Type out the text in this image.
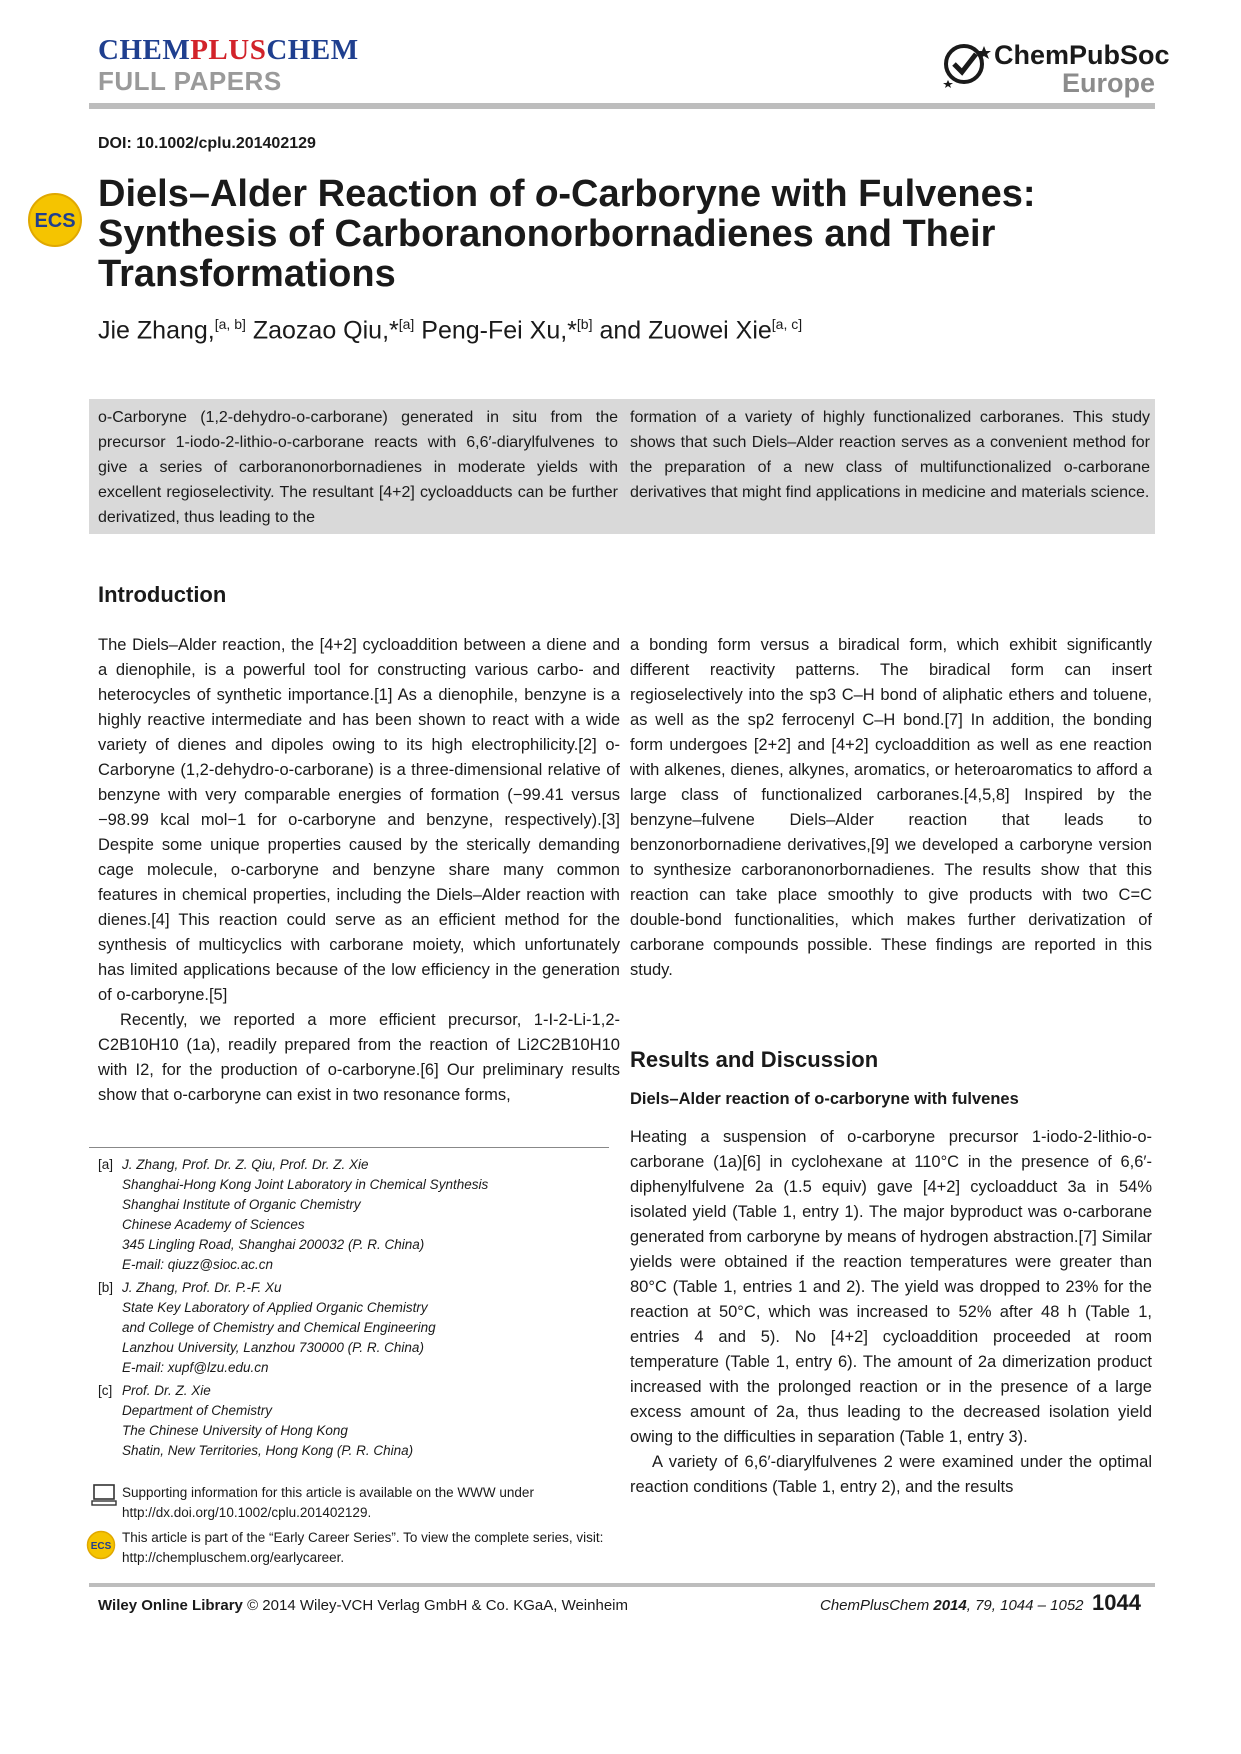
CHEMPLUSCHEM
FULL PAPERS
ChemPubSoc
Europe
DOI: 10.1002/cplu.201402129
ECS
Diels–Alder Reaction of o-Carboryne with Fulvenes: Synthesis of Carboranonorbornadienes and Their Transformations
Jie Zhang,[a, b] Zaozao Qiu,*[a] Peng-Fei Xu,*[b] and Zuowei Xie[a, c]
o-Carboryne (1,2-dehydro-o-carborane) generated in situ from the precursor 1-iodo-2-lithio-o-carborane reacts with 6,6′-diarylfulvenes to give a series of carboranonorbornadienes in moderate yields with excellent regioselectivity. The resultant [4+2] cycloadducts can be further derivatized, thus leading to the
formation of a variety of highly functionalized carboranes. This study shows that such Diels–Alder reaction serves as a convenient method for the preparation of a new class of multifunctionalized o-carborane derivatives that might find applications in medicine and materials science.
Introduction

The Diels–Alder reaction, the [4+2] cycloaddition between a diene and a dienophile, is a powerful tool for constructing various carbo- and heterocycles of synthetic importance.[1] As a dienophile, benzyne is a highly reactive intermediate and has been shown to react with a wide variety of dienes and dipoles owing to its high electrophilicity.[2] o-Carboryne (1,2-dehydro-o-carborane) is a three-dimensional relative of benzyne with very comparable energies of formation (−99.41 versus −98.99 kcal mol−1 for o-carboryne and benzyne, respectively).[3] Despite some unique properties caused by the sterically demanding cage molecule, o-carboryne and benzyne share many common features in chemical properties, including the Diels–Alder reaction with dienes.[4] This reaction could serve as an efficient method for the synthesis of multicyclics with carborane moiety, which unfortunately has limited applications because of the low efficiency in the generation of o-carboryne.[5]

Recently, we reported a more efficient precursor, 1-I-2-Li-1,2-C2B10H10 (1a), readily prepared from the reaction of Li2C2B10H10 with I2, for the production of o-carboryne.[6] Our preliminary results show that o-carboryne can exist in two resonance forms,

[a] J. Zhang, Prof. Dr. Z. Qiu, Prof. Dr. Z. Xie
Shanghai-Hong Kong Joint Laboratory in Chemical Synthesis
Shanghai Institute of Organic Chemistry
Chinese Academy of Sciences
345 Lingling Road, Shanghai 200032 (P. R. China)
E-mail: qiuzz@sioc.ac.cn
[b] J. Zhang, Prof. Dr. P.-F. Xu
State Key Laboratory of Applied Organic Chemistry
and College of Chemistry and Chemical Engineering
Lanzhou University, Lanzhou 730000 (P. R. China)
E-mail: xupf@lzu.edu.cn
[c] Prof. Dr. Z. Xie
Department of Chemistry
The Chinese University of Hong Kong
Shatin, New Territories, Hong Kong (P. R. China)
Supporting information for this article is available on the WWW under http://dx.doi.org/10.1002/cplu.201402129.
ECS
This article is part of the “Early Career Series”. To view the complete series, visit: http://chempluschem.org/earlycareer.

a bonding form versus a biradical form, which exhibit significantly different reactivity patterns. The biradical form can insert regioselectively into the sp3 C–H bond of aliphatic ethers and toluene, as well as the sp2 ferrocenyl C–H bond.[7] In addition, the bonding form undergoes [2+2] and [4+2] cycloaddition as well as ene reaction with alkenes, dienes, alkynes, aromatics, or heteroaromatics to afford a large class of functionalized carboranes.[4,5,8] Inspired by the benzyne–fulvene Diels–Alder reaction that leads to benzonorbornadiene derivatives,[9] we developed a carboryne version to synthesize carboranonorbornadienes. The results show that this reaction can take place smoothly to give products with two C=C double-bond functionalities, which makes further derivatization of carborane compounds possible. These findings are reported in this study.

Results and Discussion
Diels–Alder reaction of o-carboryne with fulvenes

Heating a suspension of o-carboryne precursor 1-iodo-2-lithio-o-carborane (1a)[6] in cyclohexane at 110°C in the presence of 6,6′-diphenylfulvene 2a (1.5 equiv) gave [4+2] cycloadduct 3a in 54% isolated yield (Table 1, entry 1). The major byproduct was o-carborane generated from carboryne by means of hydrogen abstraction.[7] Similar yields were obtained if the reaction temperatures were greater than 80°C (Table 1, entries 1 and 2). The yield was dropped to 23% for the reaction at 50°C, which was increased to 52% after 48 h (Table 1, entries 4 and 5). No [4+2] cycloaddition proceeded at room temperature (Table 1, entry 6). The amount of 2a dimerization product increased with the prolonged reaction or in the presence of a large excess amount of 2a, thus leading to the decreased isolation yield owing to the difficulties in separation (Table 1, entry 3).

A variety of 6,6′-diarylfulvenes 2 were examined under the optimal reaction conditions (Table 1, entry 2), and the results

Wiley Online Library © 2014 Wiley-VCH Verlag GmbH & Co. KGaA, Weinheim	ChemPlusChem 2014, 79, 1044 – 1052 1044
